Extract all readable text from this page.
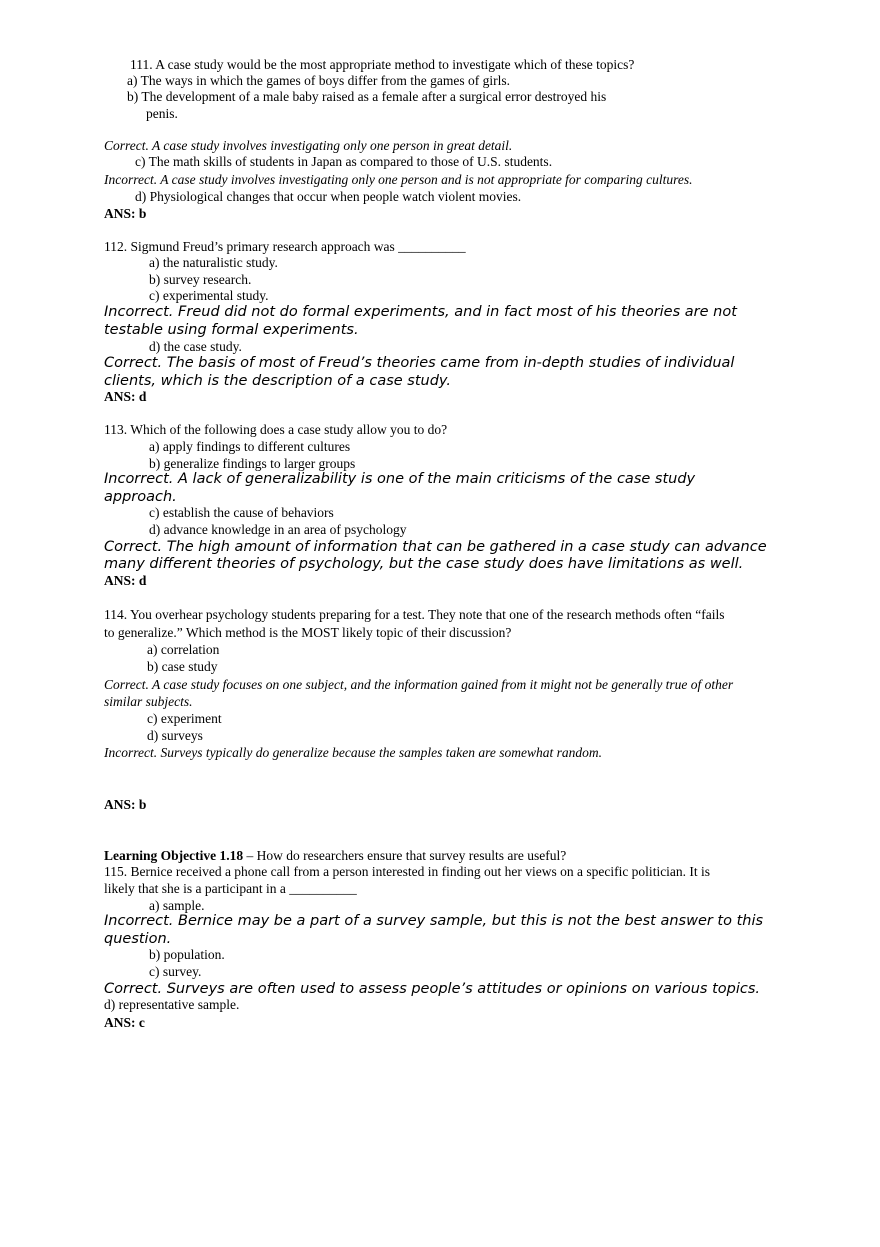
111. A case study would be the most appropriate method to investigate which of these topics?
a) The ways in which the games of boys differ from the games of girls.
b) The development of a male baby raised as a female after a surgical error destroyed his
penis.
Correct. A case study involves investigating only one person in great detail.
c) The math skills of students in Japan as compared to those of U.S. students.
Incorrect. A case study involves investigating only one person and is not appropriate for comparing cultures.
d) Physiological changes that occur when people watch violent movies.
ANS: b
112. Sigmund Freud’s primary research approach was __________
a) the naturalistic study.
b) survey research.
c) experimental study.
Incorrect. Freud did not do formal experiments, and in fact most of his theories are not
testable using formal experiments.
d) the case study.
Correct. The basis of most of Freud’s theories came from in-depth studies of individual
clients, which is the description of a case study.
ANS: d
113. Which of the following does a case study allow you to do?
a) apply findings to different cultures
b) generalize findings to larger groups
Incorrect. A lack of generalizability is one of the main criticisms of the case study
approach.
c) establish the cause of behaviors
d) advance knowledge in an area of psychology
Correct. The high amount of information that can be gathered in a case study can advance
many different theories of psychology, but the case study does have limitations as well.
ANS: d
114. You overhear psychology students preparing for a test. They note that one of the research methods often “fails
to generalize.” Which method is the MOST likely topic of their discussion?
a) correlation
b) case study
Correct. A case study focuses on one subject, and the information gained from it might not be generally true of other
similar subjects.
c) experiment
d) surveys
Incorrect. Surveys typically do generalize because the samples taken are somewhat random.
ANS: b
Learning Objective 1.18 – How do researchers ensure that survey results are useful?
115. Bernice received a phone call from a person interested in finding out her views on a specific politician. It is
likely that she is a participant in a __________
a) sample.
Incorrect. Bernice may be a part of a survey sample, but this is not the best answer to this
question.
b) population.
c) survey.
Correct. Surveys are often used to assess people’s attitudes or opinions on various topics.
d) representative sample.
ANS: c
